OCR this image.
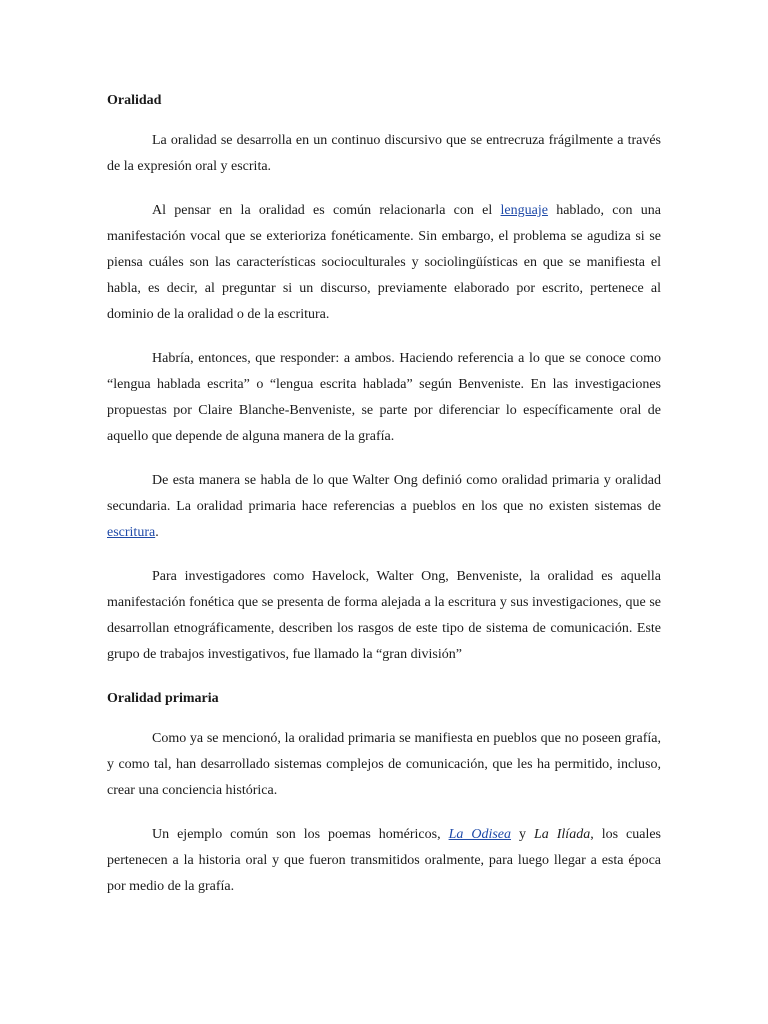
Oralidad

La oralidad se desarrolla en un continuo discursivo que se entrecruza frágilmente a través de la expresión oral y escrita.

Al pensar en la oralidad es común relacionarla con el lenguaje hablado, con una manifestación vocal que se exterioriza fonéticamente. Sin embargo, el problema se agudiza si se piensa cuáles son las características socioculturales y sociolingüísticas en que se manifiesta el habla, es decir, al preguntar si un discurso, previamente elaborado por escrito, pertenece al dominio de la oralidad o de la escritura.

Habría, entonces, que responder: a ambos. Haciendo referencia a lo que se conoce como “lengua hablada escrita” o “lengua escrita hablada” según Benveniste. En las investigaciones propuestas por Claire Blanche-Benveniste, se parte por diferenciar lo específicamente oral de aquello que depende de alguna manera de la grafía.

De esta manera se habla de lo que Walter Ong definió como oralidad primaria y oralidad secundaria. La oralidad primaria hace referencias a pueblos en los que no existen sistemas de escritura.

Para investigadores como Havelock, Walter Ong, Benveniste, la oralidad es aquella manifestación fonética que se presenta de forma alejada a la escritura y sus investigaciones, que se desarrollan etnográficamente, describen los rasgos de este tipo de sistema de comunicación. Este grupo de trabajos investigativos, fue llamado la “gran división”

Oralidad primaria

Como ya se mencionó, la oralidad primaria se manifiesta en pueblos que no poseen grafía, y como tal, han desarrollado sistemas complejos de comunicación, que les ha permitido, incluso, crear una conciencia histórica.

Un ejemplo común son los poemas homéricos, La Odisea y La Ilíada, los cuales pertenecen a la historia oral y que fueron transmitidos oralmente, para luego llegar a esta época por medio de la grafía.
